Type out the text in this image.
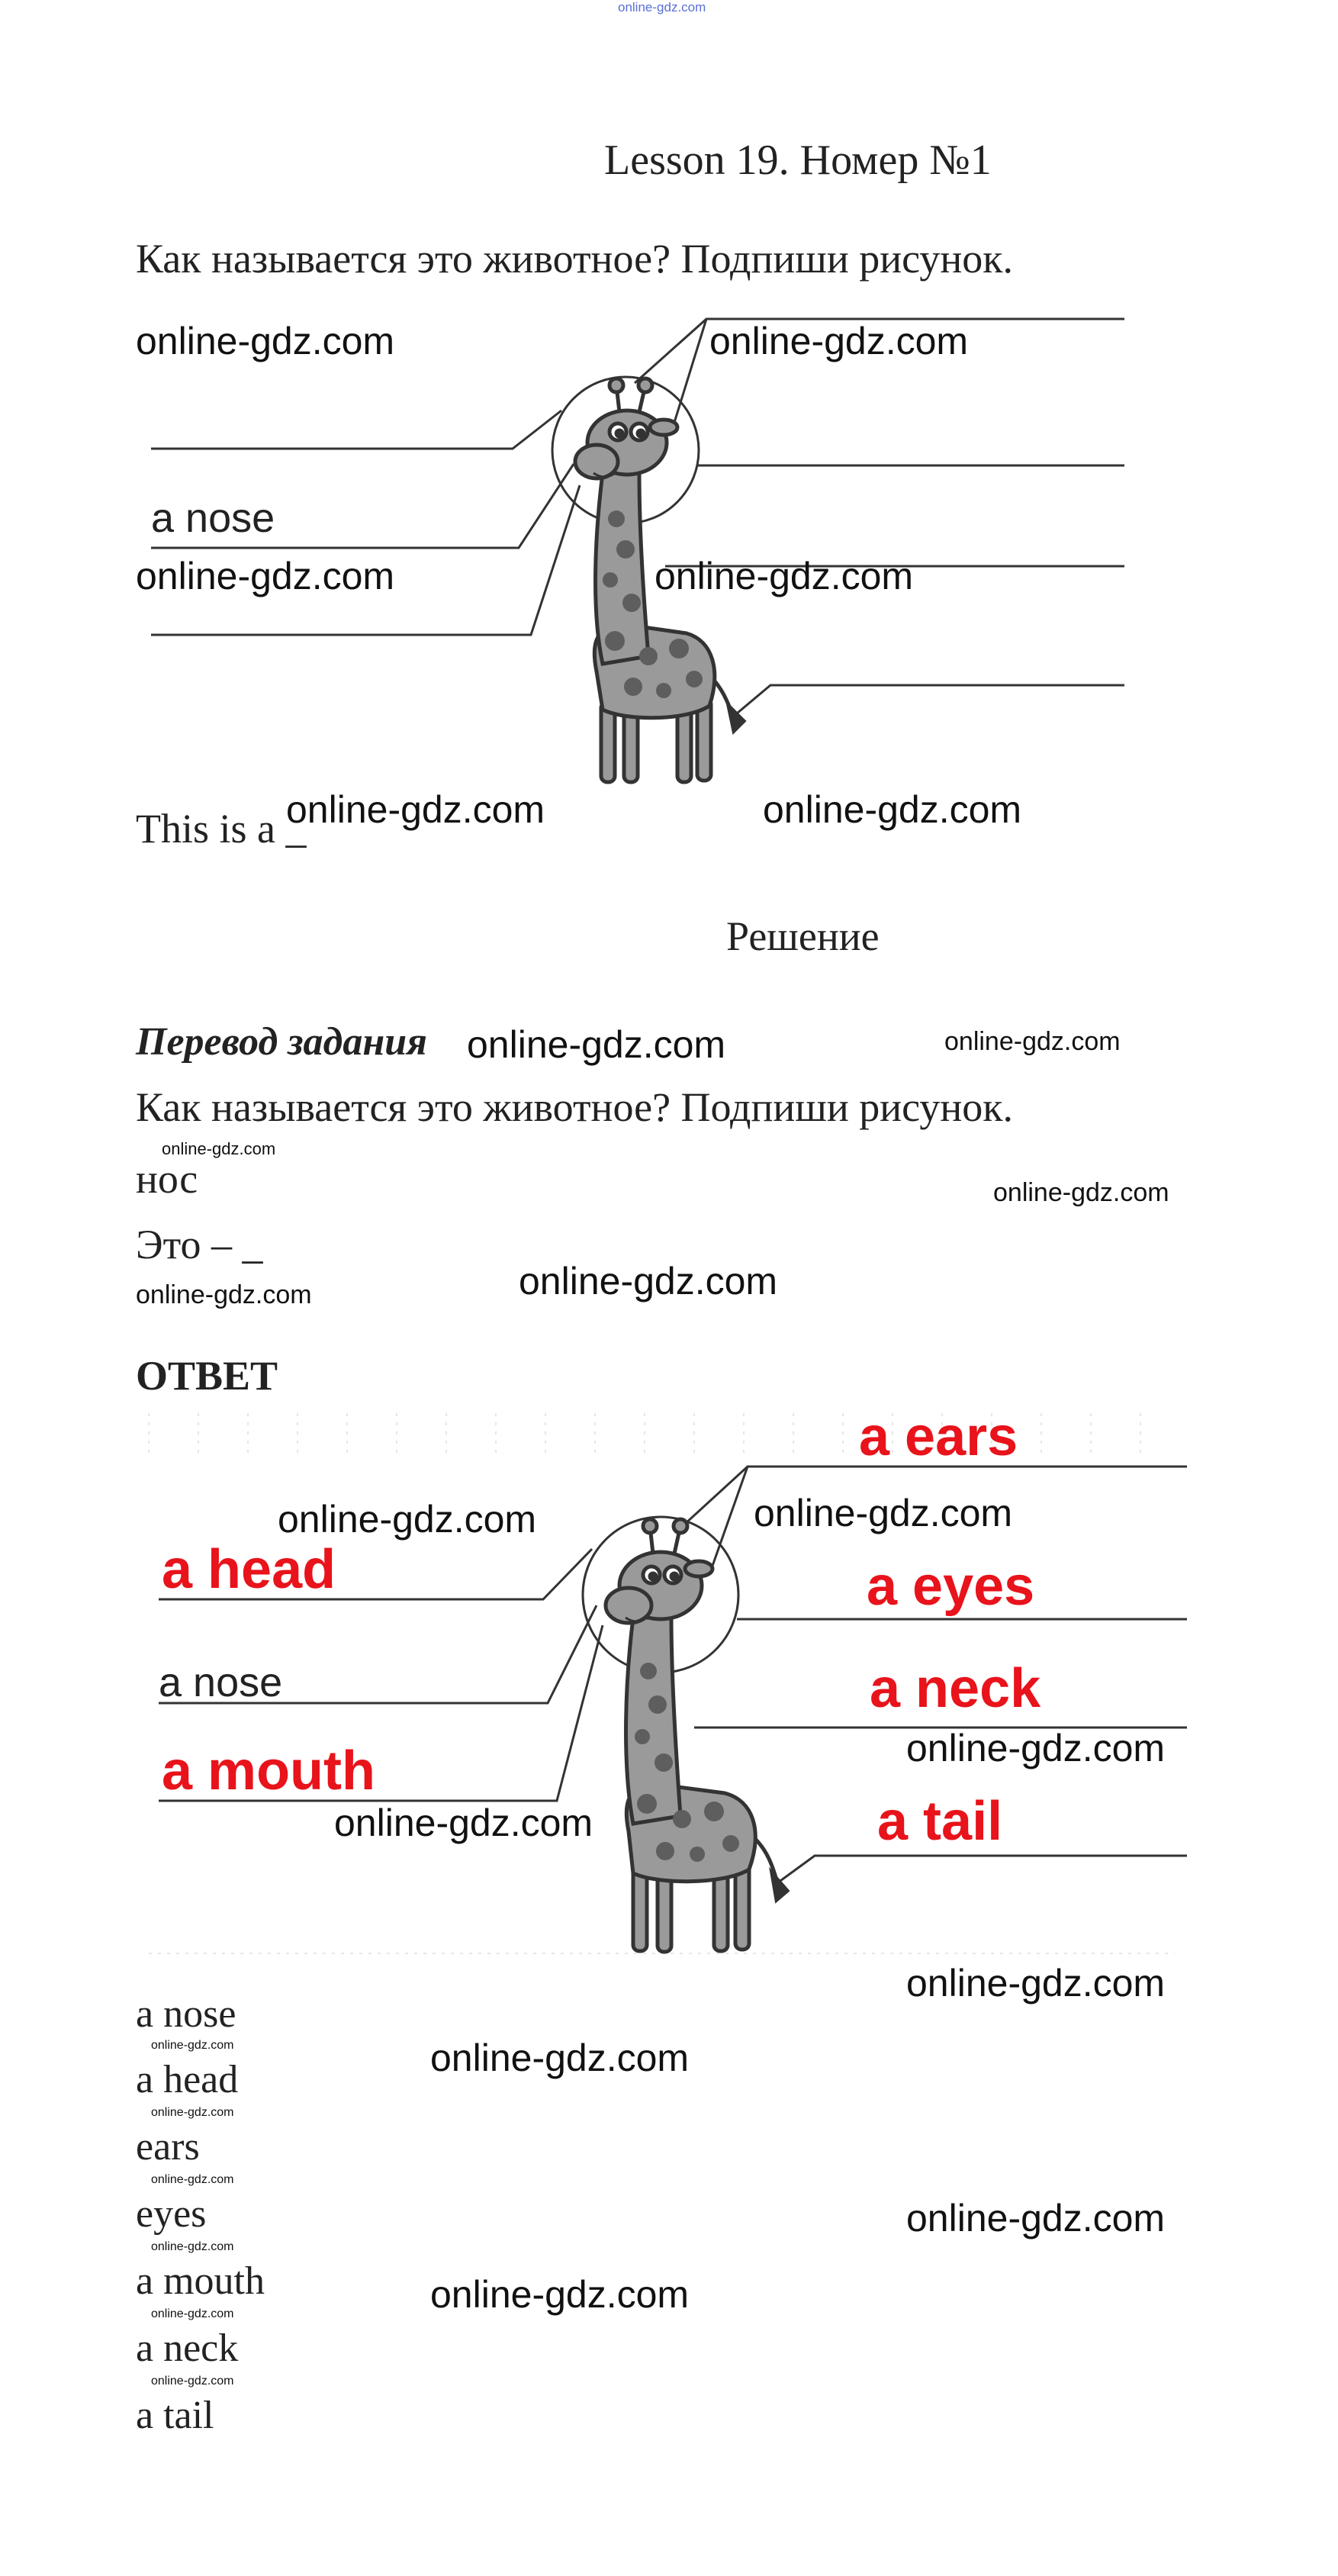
online-gdz.com
Lesson 19. Номер №1
Как называется это животное? Подпиши рисунок.
a nose
online-gdz.com	online-gdz.com
online-gdz.com	online-gdz.com
This is a _
online-gdz.com	online-gdz.com
Решение
Перевод задания online-gdz.com	online-gdz.com
Как называется это животное? Подпиши рисунок.
online-gdz.com
нос	online-gdz.com
Это – _
online-gdz.com
online-gdz.com
ОТВЕТ
a head
a nose
a mouth
a ears
a eyes
a neck
a tail
online-gdz.com	online-gdz.com
online-gdz.com
online-gdz.com
online-gdz.com
a nose
online-gdz.com
a head
online-gdz.com
ears
online-gdz.com
eyes
online-gdz.com
a mouth
online-gdz.com
a neck
online-gdz.com
a tail
online-gdz.com
online-gdz.com
online-gdz.com
